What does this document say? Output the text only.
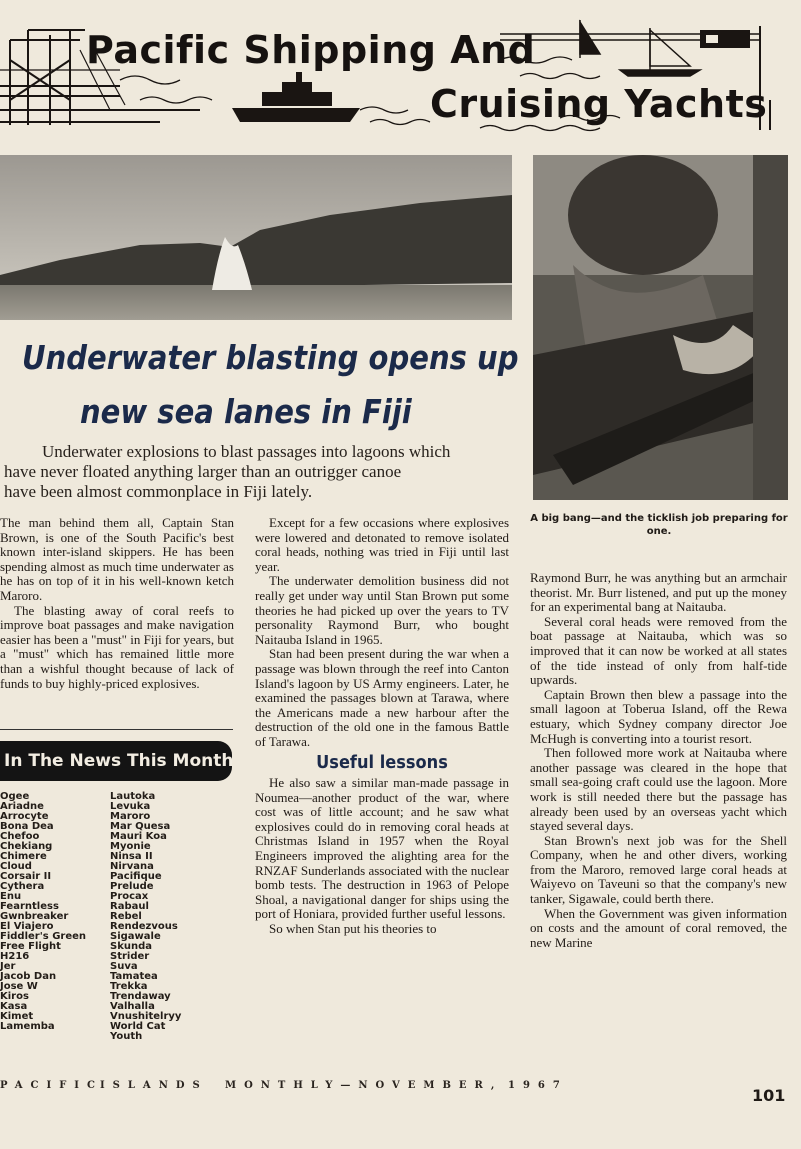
Pacific Shipping And
Cruising Yachts
A big bang—and the ticklish job preparing for one.
Underwater blasting opens up
new sea lanes in Fiji
Underwater explosions to blast passages into lagoons which
have never floated anything larger than an outrigger canoe
have been almost commonplace in Fiji lately.

The man behind them all, Captain Stan Brown, is one of the South Pacific's best known inter-island skippers. He has been spending almost as much time underwater as he has on top of it in his well-known ketch Maroro.

The blasting away of coral reefs to improve boat passages and make navigation easier has been a "must" in Fiji for years, but a "must" which has remained little more than a wishful thought because of lack of funds to buy highly-priced explosives.

In The News This Month
Ogee
Ariadne
Arrocyte
Bona Dea
Chefoo
Chekiang
Chimere
Cloud
Corsair II
Cythera
Enu
Fearntless
Gwnbreaker
El Viajero
Fiddler's Green
Free Flight
H216
Jer
Jacob Dan
Jose W
Kiros
Kasa
Kimet
Lamemba
Lautoka
Levuka
Maroro
Mar Quesa
Mauri Koa
Myonie
Ninsa II
Nirvana
Pacifique
Prelude
Procax
Rabaul
Rebel
Rendezvous
Sigawale
Skunda
Strider
Suva
Tamatea
Trekka
Trendaway
Valhalla
Vnushitelryy
World Cat
Youth

Except for a few occasions where explosives were lowered and detonated to remove isolated coral heads, nothing was tried in Fiji until last year.

The underwater demolition business did not really get under way until Stan Brown put some theories he had picked up over the years to TV personality Raymond Burr, who bought Naitauba Island in 1965.

Stan had been present during the war when a passage was blown through the reef into Canton Island's lagoon by US Army engineers. Later, he examined the passages blown at Tarawa, where the Americans made a new harbour after the destruction of the old one in the famous Battle of Tarawa.

Useful lessons

He also saw a similar man-made passage in Noumea—another product of the war, where cost was of little account; and he saw what explosives could do in removing coral heads at Christmas Island in 1957 when the Royal Engineers improved the alighting area for the RNZAF Sunderlands associated with the nuclear bomb tests. The destruction in 1963 of Pelope Shoal, a navigational danger for ships using the port of Honiara, provided further useful lessons.

So when Stan put his theories to

Raymond Burr, he was anything but an armchair theorist. Mr. Burr listened, and put up the money for an experimental bang at Naitauba.

Several coral heads were removed from the boat passage at Naitauba, which was so improved that it can now be worked at all states of the tide instead of only from half-tide upwards.

Captain Brown then blew a passage into the small lagoon at Toberua Island, off the Rewa estuary, which Sydney company director Joe McHugh is converting into a tourist resort.

Then followed more work at Naitauba where another passage was cleared in the hope that small sea-going craft could use the lagoon. More work is still needed there but the passage has already been used by an overseas yacht which stayed several days.

Stan Brown's next job was for the Shell Company, when he and other divers, working from the Maroro, removed large coral heads at Waiyevo on Taveuni so that the company's new tanker, Sigawale, could berth there.

When the Government was given information on costs and the amount of coral removed, the new Marine

PACIFIC
ISLANDS MONTHLY—NOVEMBER, 1967
101
